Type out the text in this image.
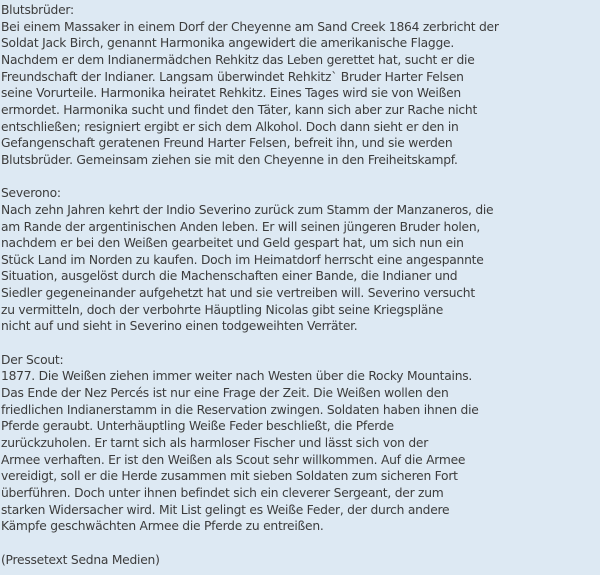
Blutsbrüder:
Bei einem Massaker in einem Dorf der Cheyenne am Sand Creek 1864 zerbricht der
Soldat Jack Birch, genannt Harmonika angewidert die amerikanische Flagge.
Nachdem er dem Indianermädchen Rehkitz das Leben gerettet hat, sucht er die
Freundschaft der Indianer. Langsam überwindet Rehkitz` Bruder Harter Felsen
seine Vorurteile. Harmonika heiratet Rehkitz. Eines Tages wird sie von Weißen
ermordet. Harmonika sucht und findet den Täter, kann sich aber zur Rache nicht
entschließen; resigniert ergibt er sich dem Alkohol. Doch dann sieht er den in
Gefangenschaft geratenen Freund Harter Felsen, befreit ihn, und sie werden
Blutsbrüder. Gemeinsam ziehen sie mit den Cheyenne in den Freiheitskampf.
Severono:
Nach zehn Jahren kehrt der Indio Severino zurück zum Stamm der Manzaneros, die
am Rande der argentinischen Anden leben. Er will seinen jüngeren Bruder holen,
nachdem er bei den Weißen gearbeitet und Geld gespart hat, um sich nun ein
Stück Land im Norden zu kaufen. Doch im Heimatdorf herrscht eine angespannte
Situation, ausgelöst durch die Machenschaften einer Bande, die Indianer und
Siedler gegeneinander aufgehetzt hat und sie vertreiben will. Severino versucht
zu vermitteln, doch der verbohrte Häuptling Nicolas gibt seine Kriegspläne
nicht auf und sieht in Severino einen todgeweihten Verräter.
Der Scout:
1877. Die Weißen ziehen immer weiter nach Westen über die Rocky Mountains.
Das Ende der Nez Percés ist nur eine Frage der Zeit. Die Weißen wollen den
friedlichen Indianerstamm in die Reservation zwingen. Soldaten haben ihnen die
Pferde geraubt. Unterhäuptling Weiße Feder beschließt, die Pferde
zurückzuholen. Er tarnt sich als harmloser Fischer und lässt sich von der
Armee verhaften. Er ist den Weißen als Scout sehr willkommen. Auf die Armee
vereidigt, soll er die Herde zusammen mit sieben Soldaten zum sicheren Fort
überführen. Doch unter ihnen befindet sich ein cleverer Sergeant, der zum
starken Widersacher wird. Mit List gelingt es Weiße Feder, der durch andere
Kämpfe geschwächten Armee die Pferde zu entreißen.
(Pressetext Sedna Medien)
